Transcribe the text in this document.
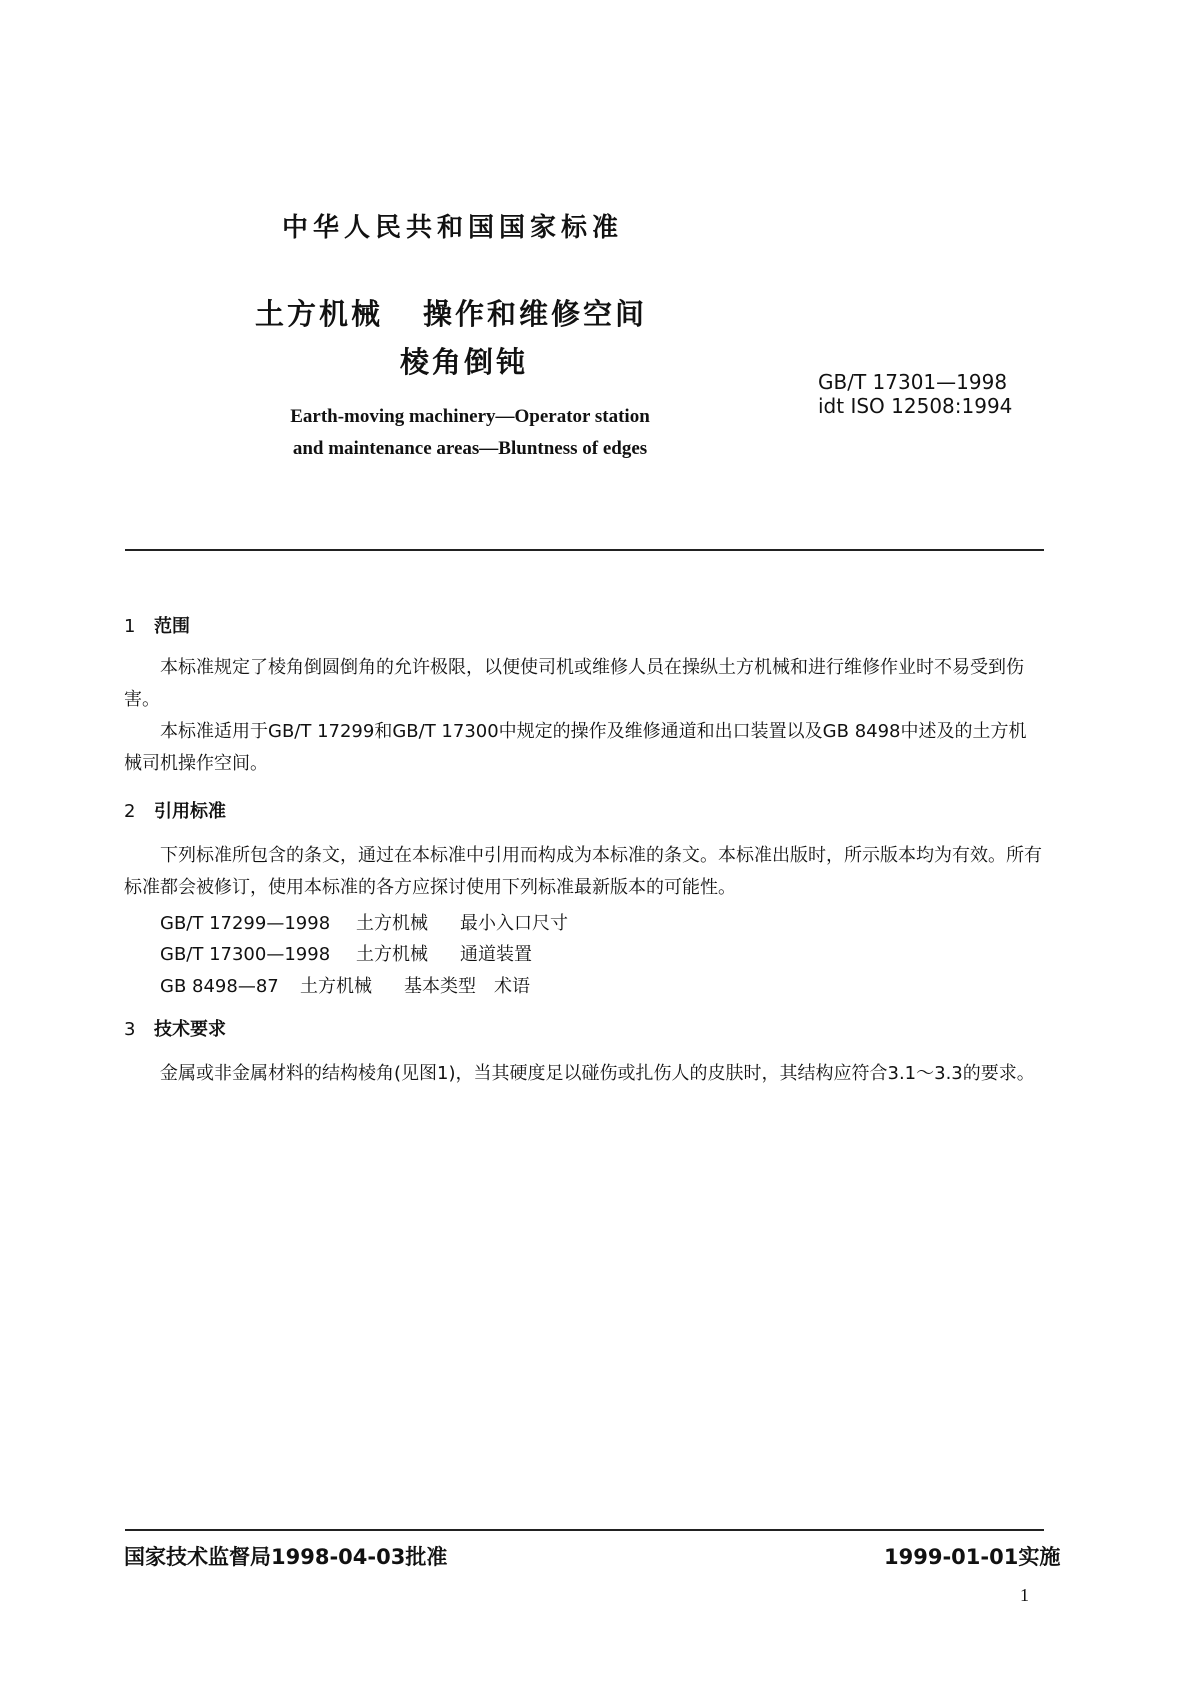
中华人民共和国国家标准
土方机械 操作和维修空间
棱角倒钝
GB/T 17301—1998
idt ISO 12508:1994
Earth-moving machinery—Operator station and maintenance areas—Bluntness of edges
1 范围
本标准规定了棱角倒圆倒角的允许极限，以便使司机或维修人员在操纵土方机械和进行维修作业时不易受到伤害。
本标准适用于GB/T 17299和GB/T 17300中规定的操作及维修通道和出口装置以及GB 8498中述及的土方机械司机操作空间。
2 引用标准
下列标准所包含的条文，通过在本标准中引用而构成为本标准的条文。本标准出版时，所示版本均为有效。所有标准都会被修订，使用本标准的各方应探讨使用下列标准最新版本的可能性。
GB/T 17299—1998 土方机械 最小入口尺寸
GB/T 17300—1998 土方机械 通道装置
GB 8498—87 土方机械 基本类型　术语
3 技术要求
金属或非金属材料的结构棱角(见图1)，当其硬度足以碰伤或扎伤人的皮肤时，其结构应符合3.1～3.3的要求。
国家技术监督局1998-04-03批准	1999-01-01实施
1
